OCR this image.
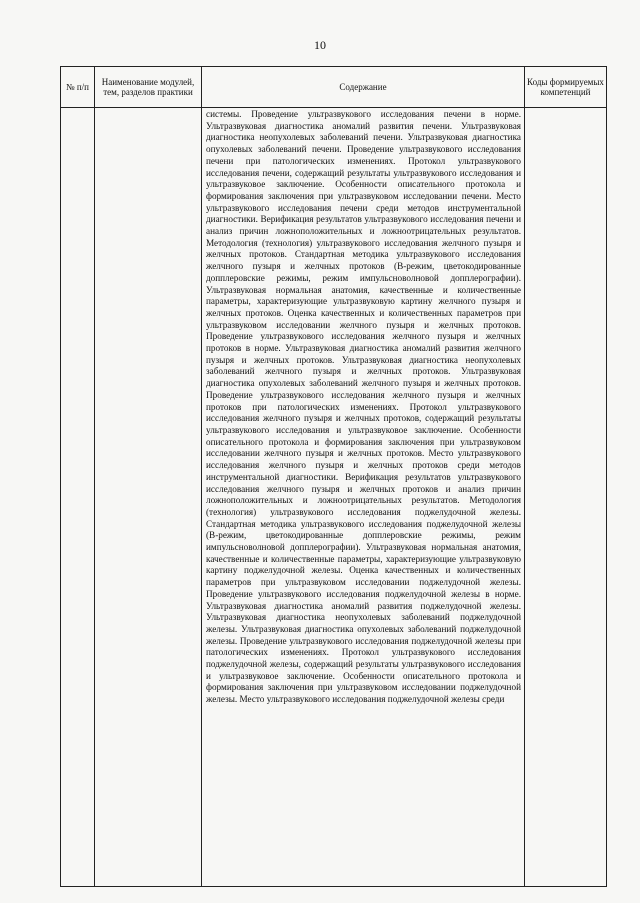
10
№ п/п	Наименование модулей, тем, разделов практики	Содержание	Коды формируемых компетенций

		системы. Проведение ультразвукового исследования печени в норме. Ультразвуковая диагностика аномалий развития печени. Ультразвуковая диагностика неопухолевых заболеваний печени. Ультразвуковая диагностика опухолевых заболеваний печени. Проведение ультразвукового исследования печени при патологических изменениях. Протокол ультразвукового исследования печени, содержащий результаты ультразвукового исследования и ультразвуковое заключение. Особенности описательного протокола и формирования заключения при ультразвуковом исследовании печени. Место ультразвукового исследования печени среди методов инструментальной диагностики. Верификация результатов ультразвукового исследования печени и анализ причин ложноположительных и ложноотрицательных результатов. Методология (технология) ультразвукового исследования желчного пузыря и желчных протоков. Стандартная методика ультразвукового исследования желчного пузыря и желчных протоков (В-режим, цветокодированные допплеровские режимы, режим импульсноволновой допплерографии). Ультразвуковая нормальная анатомия, качественные и количественные параметры, характеризующие ультразвуковую картину желчного пузыря и желчных протоков. Оценка качественных и количественных параметров при ультразвуковом исследовании желчного пузыря и желчных протоков. Проведение ультразвукового исследования желчного пузыря и желчных протоков в норме. Ультразвуковая диагностика аномалий развития желчного пузыря и желчных протоков. Ультразвуковая диагностика неопухолевых заболеваний желчного пузыря и желчных протоков. Ультразвуковая диагностика опухолевых заболеваний желчного пузыря и желчных протоков. Проведение ультразвукового исследования желчного пузыря и желчных протоков при патологических изменениях. Протокол ультразвукового исследования желчного пузыря и желчных протоков, содержащий результаты ультразвукового исследования и ультразвуковое заключение. Особенности описательного протокола и формирования заключения при ультразвуковом исследовании желчного пузыря и желчных протоков. Место ультразвукового исследования желчного пузыря и желчных протоков среди методов инструментальной диагностики. Верификация результатов ультразвукового исследования желчного пузыря и желчных протоков и анализ причин ложноположительных и ложноотрицательных результатов. Методология (технология) ультразвукового исследования поджелудочной железы. Стандартная методика ультразвукового исследования поджелудочной железы (В-режим, цветокодированные допплеровские режимы, режим импульсноволновой допплерографии). Ультразвуковая нормальная анатомия, качественные и количественные параметры, характеризующие ультразвуковую картину поджелудочной железы. Оценка качественных и количественных параметров при ультразвуковом исследовании поджелудочной железы. Проведение ультразвукового исследования поджелудочной железы в норме. Ультразвуковая диагностика аномалий развития поджелудочной железы. Ультразвуковая диагностика неопухолевых заболеваний поджелудочной железы. Ультразвуковая диагностика опухолевых заболеваний поджелудочной железы. Проведение ультразвукового исследования поджелудочной железы при патологических изменениях. Протокол ультразвукового исследования поджелудочной железы, содержащий результаты ультразвукового исследования и ультразвуковое заключение. Особенности описательного протокола и формирования заключения при ультразвуковом исследовании поджелудочной железы. Место ультразвукового исследования поджелудочной железы среди	
